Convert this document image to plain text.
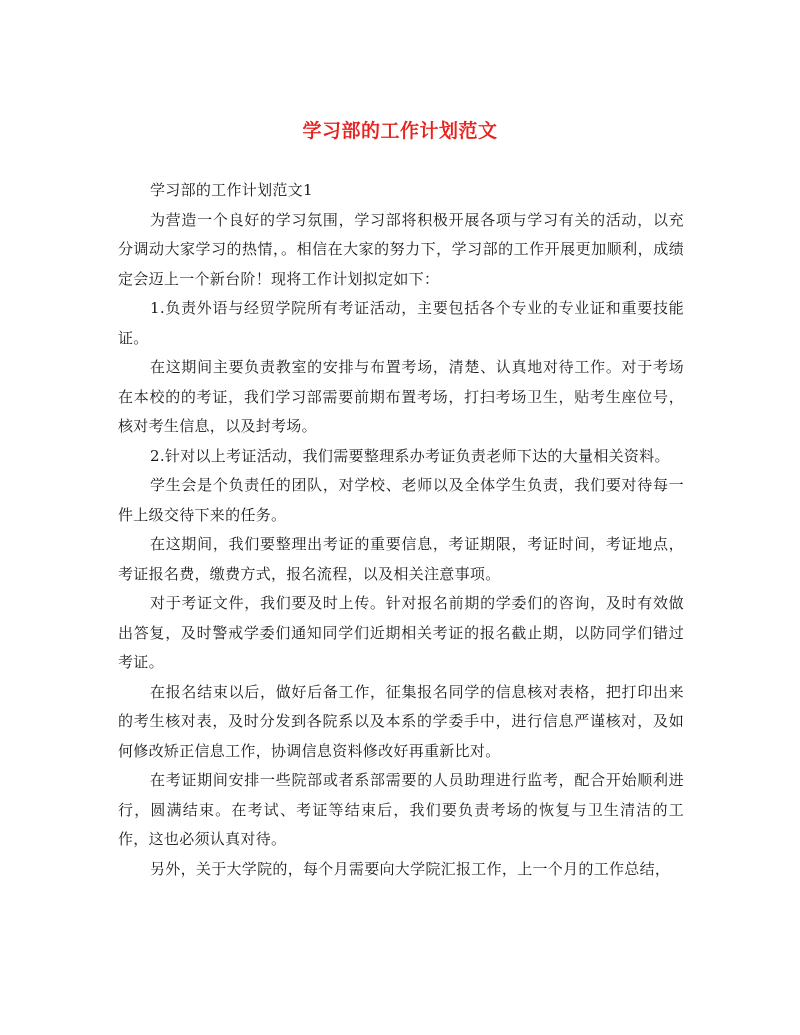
学习部的工作计划范文

学习部的工作计划范文1

为营造一个良好的学习氛围，学习部将积极开展各项与学习有关的活动，以充分调动大家学习的热情，。相信在大家的努力下，学习部的工作开展更加顺利，成绩定会迈上一个新台阶！现将工作计划拟定如下：

1.负责外语与经贸学院所有考证活动，主要包括各个专业的专业证和重要技能证。

在这期间主要负责教室的安排与布置考场，清楚、认真地对待工作。对于考场在本校的的考证，我们学习部需要前期布置考场，打扫考场卫生，贴考生座位号，核对考生信息，以及封考场。

2.针对以上考证活动，我们需要整理系办考证负责老师下达的大量相关资料。

学生会是个负责任的团队，对学校、老师以及全体学生负责，我们要对待每一件上级交待下来的任务。

在这期间，我们要整理出考证的重要信息，考证期限，考证时间，考证地点，考证报名费，缴费方式，报名流程，以及相关注意事项。

对于考证文件，我们要及时上传。针对报名前期的学委们的咨询，及时有效做出答复，及时警戒学委们通知同学们近期相关考证的报名截止期，以防同学们错过考证。

在报名结束以后，做好后备工作，征集报名同学的信息核对表格，把打印出来的考生核对表，及时分发到各院系以及本系的学委手中，进行信息严谨核对，及如何修改矫正信息工作，协调信息资料修改好再重新比对。

在考证期间安排一些院部或者系部需要的人员助理进行监考，配合开始顺利进行，圆满结束。在考试、考证等结束后，我们要负责考场的恢复与卫生清洁的工作，这也必须认真对待。

另外，关于大学院的，每个月需要向大学院汇报工作，上一个月的工作总结，
